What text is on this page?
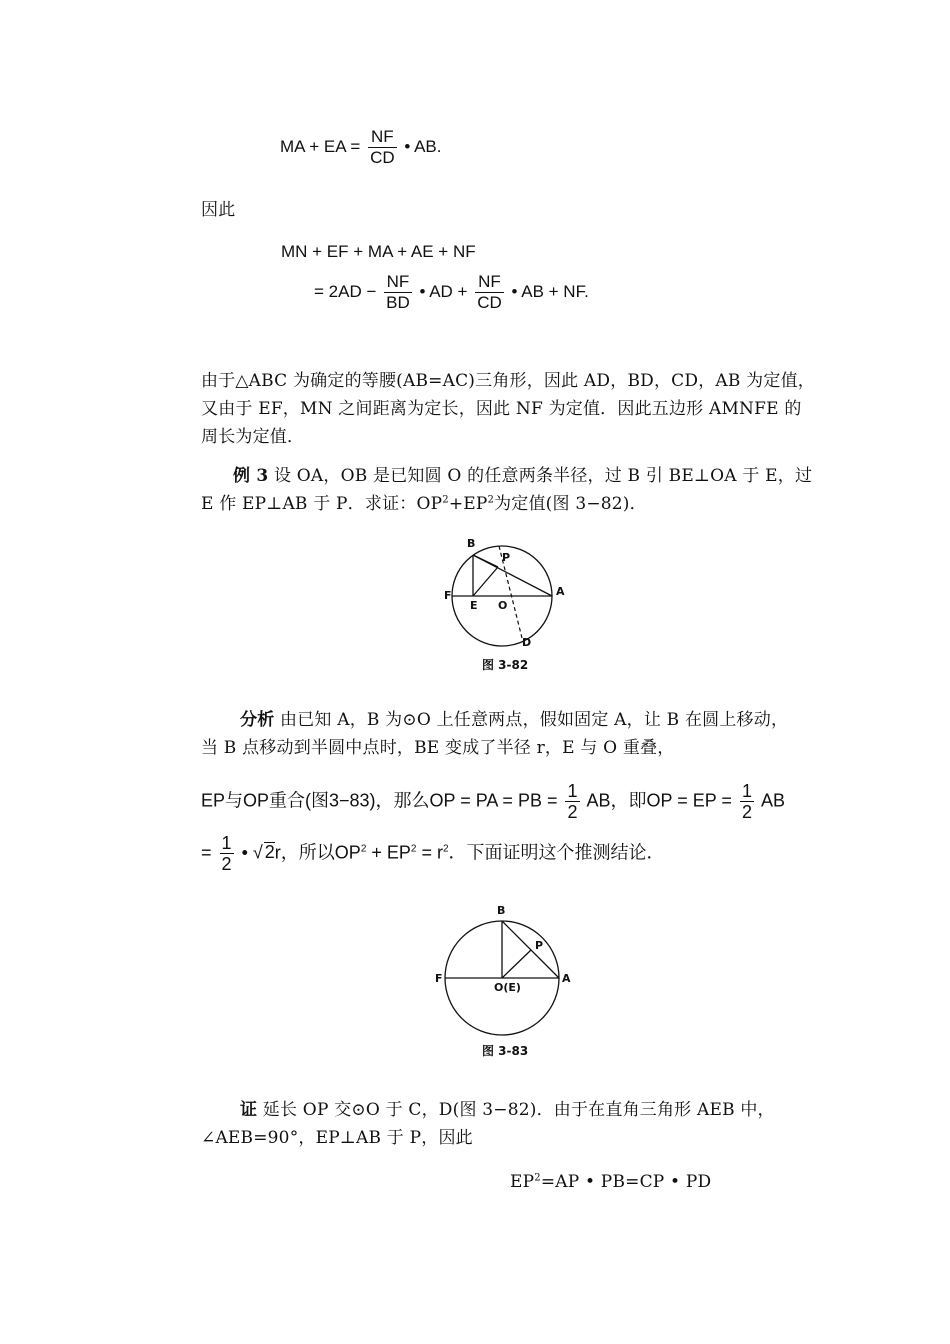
MA + EA = $\frac{NF}{CD}$ • AB.
因此
MN + EF + MA + AE + NF
= $2AD - \frac{NF}{BD}$ • AD + $\frac{NF}{CD}$ • AB + NF.
由于△ABC 为确定的等腰(AB=AC)三角形，因此 AD，BD，CD，AB 为定值，
又由于 EF，MN 之间距离为定长，因此 NF 为定值．因此五边形 AMNFE 的
周长为定值．
例 3 设 OA，OB 是已知圆 O 的任意两条半径，过 B 引 BE⊥OA 于 E，过
E 作 EP⊥AB 于 P．求证：$OP^2+EP^2$为定值(图 3−82)．
B
P
F
E O
A
D
图 3-82
分析 由已知 A，B 为⊙O 上任意两点，假如固定 A，让 B 在圆上移动，
当 B 点移动到半圆中点时，BE 变成了半径 r，E 与 O 重叠，
EP与OP重合(图3−83)，那么OP = PA = PB = $\frac{1}{2}$ AB，即OP = EP = $\frac{1}{2}$ AB
= $\frac{1}{2}$ • √ 2r，所以$OP^2 + EP^2 = r^2$．下面证明这个推测结论．
B
P
F
O(E)
A
图 3-83
证 延长 OP 交⊙O 于 C，D(图 3−82)．由于在直角三角形 AEB 中，
∠AEB=90°，EP⊥AB 于 P，因此
$EP^2=AP$ • PB=CP • PD
